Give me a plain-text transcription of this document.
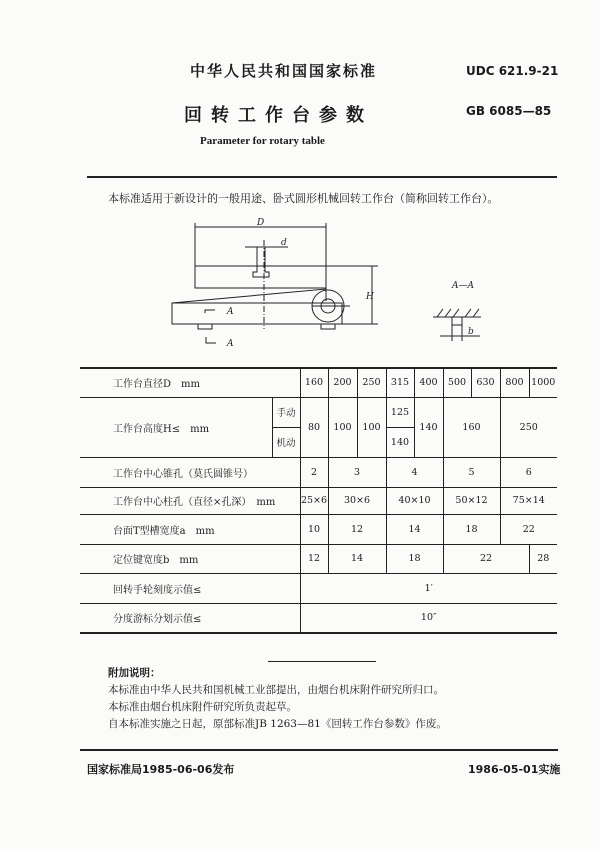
中华人民共和国国家标准	UDC 621.9-21
回转工作台参数	GB 6085—85
Parameter for rotary table
本标准适用于新设计的一般用途、卧式圆形机械回转工作台（简称回转工作台）。
D
d
H
A
A
A—A
b
工作台直径D　mm		160	200	250	315	400	500	630	800	1000
工作台高度H≤　mm	手动	80	100	100	125	140	160		250	
	机动				140					
工作台中心锥孔（莫氏圆锥号）		2	3		4		5		6	
工作台中心柱孔（直径×孔深）　mm		25×6	30×6		40×10		50×12		75×14	
台面T型槽宽度a　mm		10	12		14		18		22	
定位键宽度b　mm		12	14		18		22			28
回转手轮刻度示值≤		1′								
分度游标分划示值≤		10″								
附加说明：
本标准由中华人民共和国机械工业部提出，由烟台机床附件研究所归口。
本标准由烟台机床附件研究所负责起草。
自本标准实施之日起，原部标准JB 1263—81《回转工作台参数》作废。
国家标准局1985-06-06发布	1986-05-01实施
